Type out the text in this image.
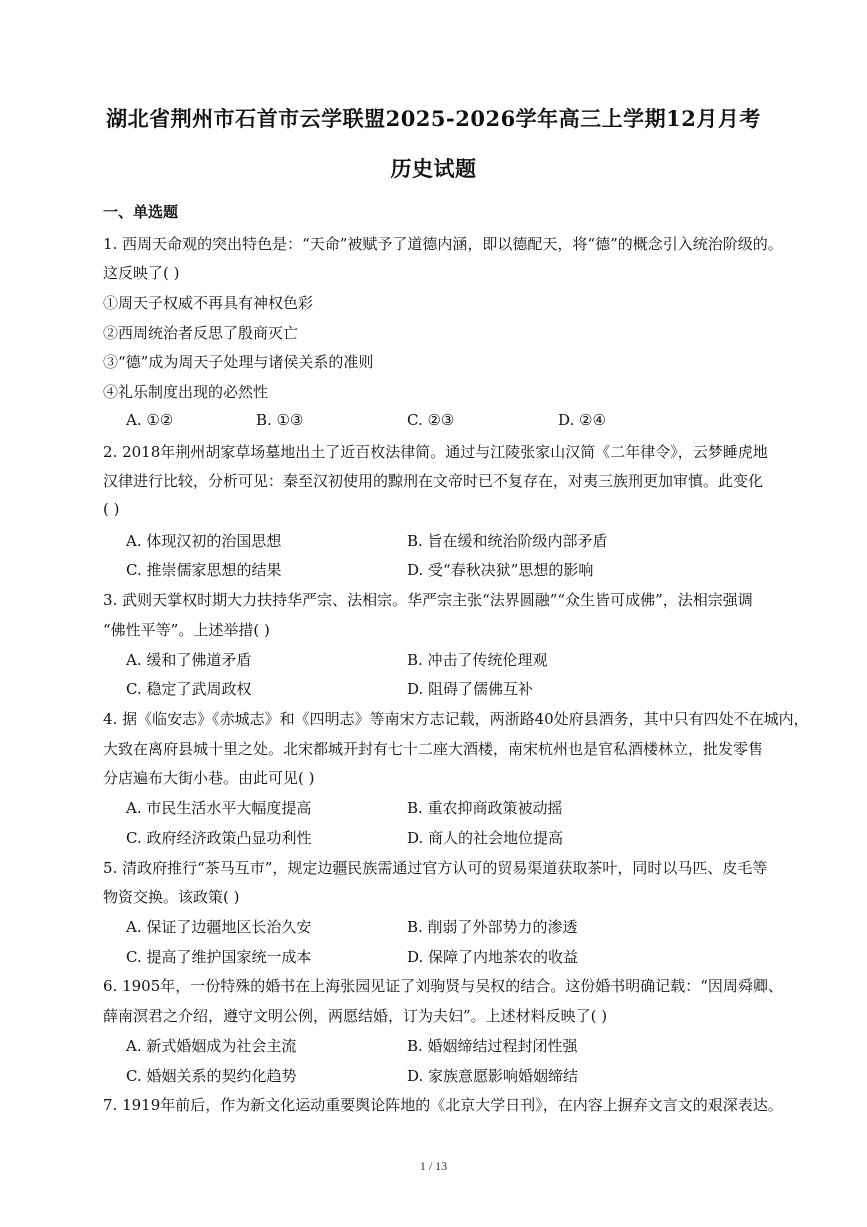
湖北省荆州市石首市云学联盟2025-2026学年高三上学期12月月考
历史试题
一、单选题
1. 西周天命观的突出特色是：“天命”被赋予了道德内涵，即以德配天，将“德”的概念引入统治阶级的。
这反映了( )
①周天子权威不再具有神权色彩
②西周统治者反思了殷商灭亡
③“德”成为周天子处理与诸侯关系的准则
④礼乐制度出现的必然性
A. ①②	B. ①③	C. ②③	D. ②④
2. 2018年荆州胡家草场墓地出土了近百枚法律简。通过与江陵张家山汉简《二年律令》，云梦睡虎地
汉律进行比较，分析可见：秦至汉初使用的黥刑在文帝时已不复存在，对夷三族刑更加审慎。此变化
( )
A. 体现汉初的治国思想	B. 旨在缓和统治阶级内部矛盾
C. 推崇儒家思想的结果	D. 受“春秋决狱”思想的影响
3. 武则天掌权时期大力扶持华严宗、法相宗。华严宗主张“法界圆融”“众生皆可成佛”，法相宗强调
“佛性平等”。上述举措( )
A. 缓和了佛道矛盾	B. 冲击了传统伦理观
C. 稳定了武周政权	D. 阻碍了儒佛互补
4. 据《临安志》《赤城志》和《四明志》等南宋方志记载，两浙路40处府县酒务，其中只有四处不在城内，
大致在离府县城十里之处。北宋都城开封有七十二座大酒楼，南宋杭州也是官私酒楼林立，批发零售
分店遍布大街小巷。由此可见( )
A. 市民生活水平大幅度提高	B. 重农抑商政策被动摇
C. 政府经济政策凸显功利性	D. 商人的社会地位提高
5. 清政府推行“茶马互市”，规定边疆民族需通过官方认可的贸易渠道获取茶叶，同时以马匹、皮毛等
物资交换。该政策( )
A. 保证了边疆地区长治久安	B. 削弱了外部势力的渗透
C. 提高了维护国家统一成本	D. 保障了内地茶农的收益
6. 1905年，一份特殊的婚书在上海张园见证了刘驹贤与吴权的结合。这份婚书明确记载：“因周舜卿、
薛南溟君之介绍，遵守文明公例，两愿结婚，订为夫妇”。上述材料反映了( )
A. 新式婚姻成为社会主流	B. 婚姻缔结过程封闭性强
C. 婚姻关系的契约化趋势	D. 家族意愿影响婚姻缔结
7. 1919年前后，作为新文化运动重要舆论阵地的《北京大学日刊》，在内容上摒弃文言文的艰深表达。
1 / 13
